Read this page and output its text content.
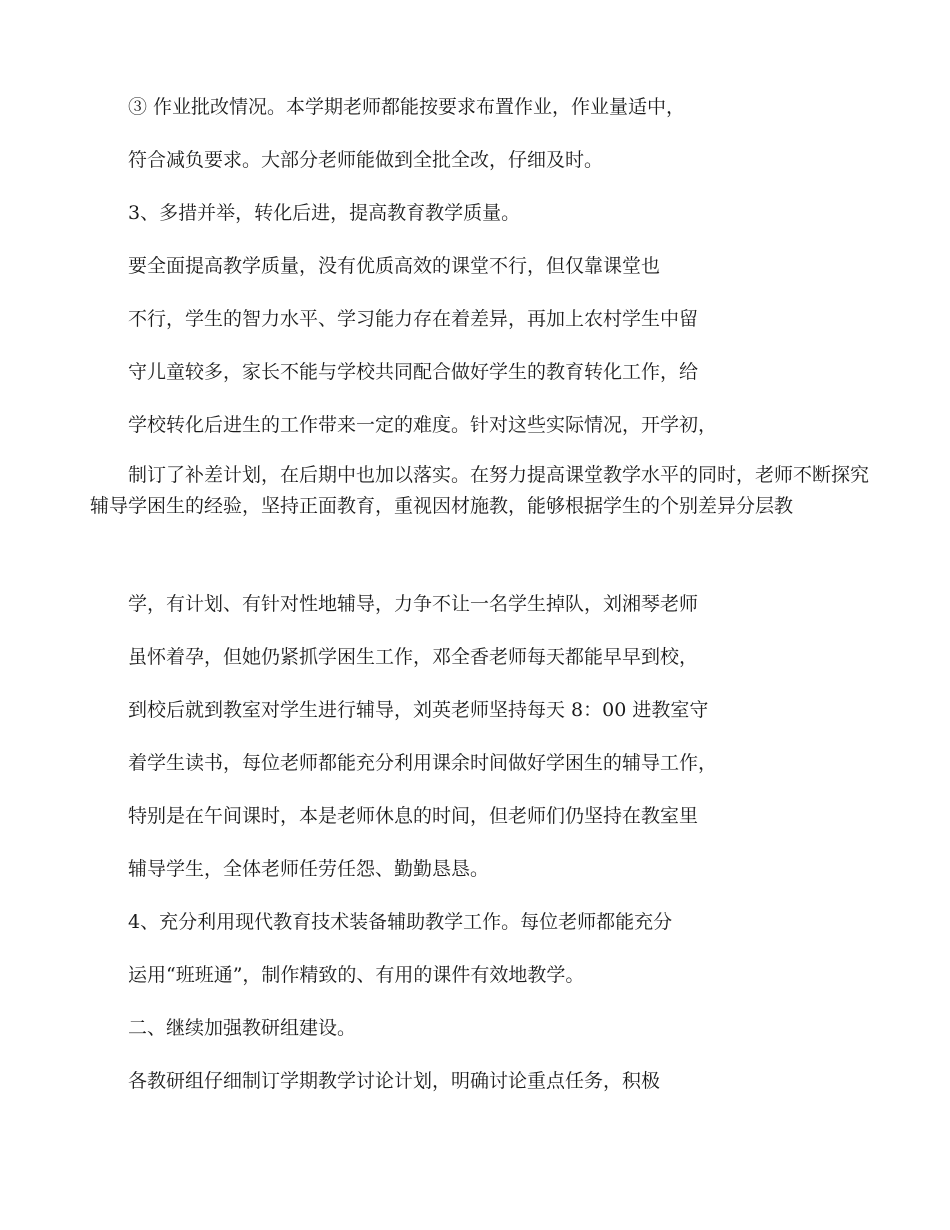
③ 作业批改情况。本学期老师都能按要求布置作业，作业量适中，

符合减负要求。大部分老师能做到全批全改，仔细及时。

3、多措并举，转化后进，提高教育教学质量。

要全面提高教学质量，没有优质高效的课堂不行，但仅靠课堂也

不行，学生的智力水平、学习能力存在着差异，再加上农村学生中留

守儿童较多，家长不能与学校共同配合做好学生的教育转化工作，给

学校转化后进生的工作带来一定的难度。针对这些实际情况，开学初，

制订了补差计划，在后期中也加以落实。在努力提高课堂教学水平的同时，老师不断探究辅导学困生的经验，坚持正面教育，重视因材施教，能够根据学生的个别差异分层教

学，有计划、有针对性地辅导，力争不让一名学生掉队，刘湘琴老师

虽怀着孕，但她仍紧抓学困生工作，邓全香老师每天都能早早到校，

到校后就到教室对学生进行辅导，刘英老师坚持每天 8：00 进教室守

着学生读书，每位老师都能充分利用课余时间做好学困生的辅导工作，

特别是在午间课时，本是老师休息的时间，但老师们仍坚持在教室里

辅导学生，全体老师任劳任怨、勤勤恳恳。

4、充分利用现代教育技术装备辅助教学工作。每位老师都能充分

运用“班班通”，制作精致的、有用的课件有效地教学。

二、继续加强教研组建设。

各教研组仔细制订学期教学讨论计划，明确讨论重点任务，积极
